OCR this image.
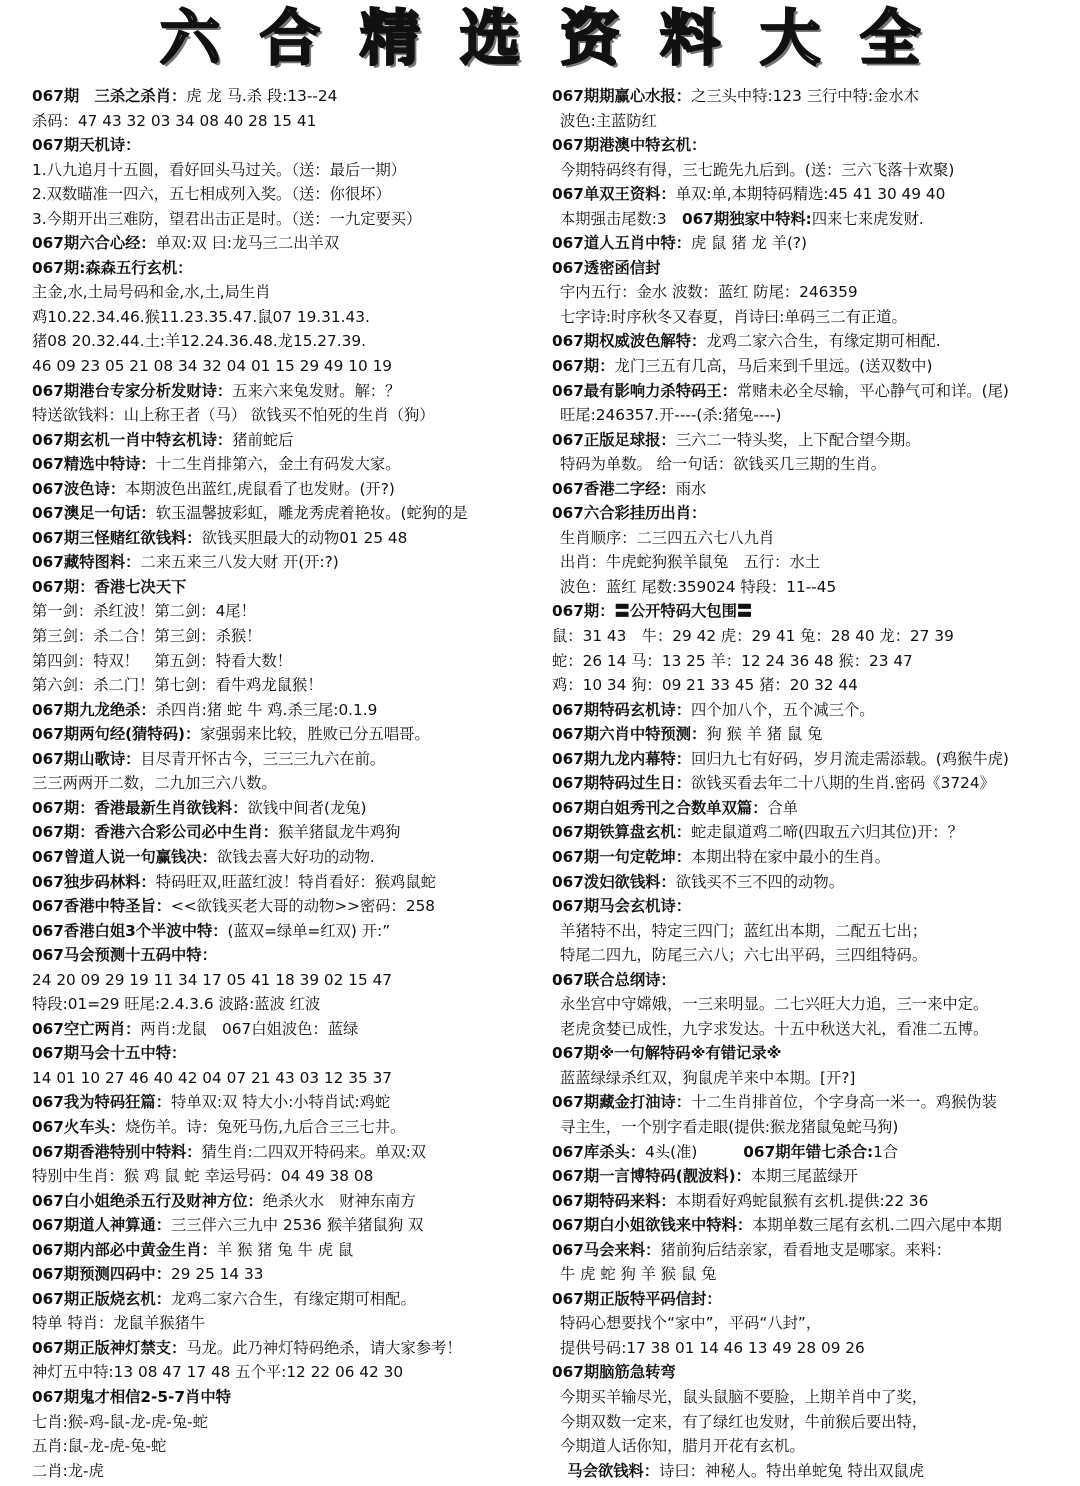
六 合 精 选 资 料 大 全
067期　三杀之杀肖：虎 龙 马.杀 段:13--24
杀码：47 43 32 03 34 08 40 28 15 41
067期天机诗：
1.八九追月十五圆，看好回头马过关。（送：最后一期）
2.双数瞄准一四六，五七相成列入奖。（送：你很坏）
3.今期开出三难防，望君出击正是时。（送：一九定要买）
067期六合心经：单双:双 曰:龙马三二出羊双
067期:森森五行玄机：
主金,水,土局号码和金,水,土,局生肖
鸡10.22.34.46.猴11.23.35.47.鼠07 19.31.43.
猪08 20.32.44.土:羊12.24.36.48.龙15.27.39.
46 09 23 05 21 08 34 32 04 01 15 29 49 10 19
067期港台专家分析发财诗：五来六来兔发财。解：？
特送欲钱料：山上称王者（马） 欲钱买不怕死的生肖（狗）
067期玄机一肖中特玄机诗：猪前蛇后
067精选中特诗：十二生肖排第六，金土有码发大家。
067波色诗：本期波色出蓝红,虎鼠看了也发财。(开?)
067澳足一句话：软玉温馨披彩虹，雕龙秀虎着艳妆。(蛇狗的是
067期三怪赌红欲钱料：欲钱买胆最大的动物01 25 48
067藏特图料：二来五来三八发大财 开(开:?)
067期：香港七决天下
第一剑：杀红波！第二剑：4尾！
第三剑：杀二合！第三剑：杀猴！
第四剑：特双！　第五剑：特看大数！
第六剑：杀二门！第七剑：看牛鸡龙鼠猴！
067期九龙绝杀：杀四肖:猪 蛇 牛 鸡.杀三尾:0.1.9
067期两句经(猜特码)：家强弱来比较，胜败已分五唱哥。
067期山歌诗：目尽青开怀古今，三三三九六在前。
三三两两开二数，二九加三六八数。
067期：香港最新生肖欲钱料：欲钱中间者(龙兔)
067期：香港六合彩公司必中生肖：猴羊猪鼠龙牛鸡狗
067曾道人说一句赢钱决：欲钱去喜大好功的动物.
067独步码林料：特码旺双,旺蓝红波！特肖看好：猴鸡鼠蛇
067香港中特圣旨：<<欲钱买老大哥的动物>>密码：258
067香港白姐3个半波中特：(蓝双=绿单=红双) 开:”
067马会预测十五码中特：
24 20 09 29 19 11 34 17 05 41 18 39 02 15 47
特段:01=29 旺尾:2.4.3.6 波路:蓝波 红波
067空亡两肖：两肖:龙鼠　067白姐波色：蓝绿
067期马会十五中特：
14 01 10 27 46 40 42 04 07 21 43 03 12 35 37
067我为特码狂篇：特单双:双 特大小:小特肖试:鸡蛇
067火车头：烧伤羊。诗：兔死马伤,九后合三三七井。
067期香港特别中特料：猜生肖:二四双开特码来。单双:双
特别中生肖：猴 鸡 鼠 蛇 幸运号码：04 49 38 08
067白小姐绝杀五行及财神方位：绝杀火水　财神东南方
067期道人神算通：三三伴六三九中 2536 猴羊猪鼠狗 双
067期内部必中黄金生肖：羊 猴 猪 兔 牛 虎 鼠
067期预测四码中：29 25 14 33
067期正版烧玄机：龙鸡二家六合生，有缘定期可相配。
特单 特肖：龙鼠羊猴猪牛
067期正版神灯禁支：马龙。此乃神灯特码绝杀，请大家参考！
神灯五中特:13 08 47 17 48 五个平:12 22 06 42 30
067期鬼才相信2-5-7肖中特
七肖:猴-鸡-鼠-龙-虎-兔-蛇
五肖:鼠-龙-虎-兔-蛇
二肖:龙-虎
067期期赢心水报：之三头中特:123 三行中特:金水木
波色:主蓝防红
067期港澳中特玄机：
今期特码终有得，三七跪先九后到。(送：三六飞落十欢聚)
067单双王资料：单双:单,本期特码精选:45 41 30 49 40
本期强击尾数:3　067期独家中特料:四来七来虎发财.
067道人五肖中特：虎 鼠 猪 龙 羊(?)
067透密函信封
宇内五行：金水 波数：蓝红 防尾：246359
七字诗:时序秋冬又春夏，肖诗曰:单码三二有正道。
067期权威波色解特：龙鸡二家六合生，有缘定期可相配.
067期：龙门三五有几高，马后来到千里远。(送双数中)
067最有影响力杀特码王：常赌未必全尽输，平心静气可和详。(尾)
旺尾:246357.开----(杀:猪兔----)
067正版足球报：三六二一特头奖，上下配合望今期。
特码为单数。 给一句话：欲钱买几三期的生肖。
067香港二字经：雨水
067六合彩挂历出肖：
生肖顺序：二三四五六七八九肖
出肖：牛虎蛇狗猴羊鼠兔　五行：水土
波色：蓝红 尾数:359024 特段：11--45
067期：〓公开特码大包围〓
鼠：31 43　牛：29 42 虎：29 41 兔：28 40 龙：27 39
蛇：26 14 马：13 25 羊：12 24 36 48 猴：23 47
鸡：10 34 狗：09 21 33 45 猪：20 32 44
067期特码玄机诗：四个加八个，五个减三个。
067期六肖中特预测：狗 猴 羊 猪 鼠 兔
067期九龙内幕特：回归九七有好码，岁月流走需添载。(鸡猴牛虎)
067期特码过生日：欲钱买看去年二十八期的生肖.密码《3724》
067期白姐秀刊之合数单双篇：合单
067期铁算盘玄机：蛇走鼠道鸡二啼(四取五六归其位)开：？
067期一句定乾坤：本期出特在家中最小的生肖。
067泼妇欲钱料：欲钱买不三不四的动物。
067期马会玄机诗：
羊猪特不出，特定三四门；蓝红出本期，二配五七出；
特尾二四九，防尾三六八；六七出平码，三四组特码。
067联合总纲诗：
永坐宫中守嫦娥，一三来明显。二七兴旺大力追，三一来中定。
老虎贪婪已成性，九字求发达。十五中秋送大礼，看准二五博。
067期※一句解特码※有错记录※
蓝蓝绿绿杀红双，狗鼠虎羊来中本期。[开?]
067期藏金打油诗：十二生肖排首位，个字身高一米一。鸡猴伪装
寻主生，一个别字看走眼(提供:猴龙猪鼠兔蛇马狗)
067库杀头：4头(准)　　　067期年错七杀合:1合
067期一言博特码(靓波料)：本期三尾蓝绿开
067期特码来料：本期看好鸡蛇鼠猴有玄机.提供:22 36
067期白小姐欲钱来中特料：本期单数三尾有玄机.二四六尾中本期
067马会来料：猪前狗后结亲家，看看地支是哪家。来料：
牛 虎 蛇 狗 羊 猴 鼠 兔
067期正版特平码信封：
特码心想要找个“家中”，平码“八封”，
提供号码:17 38 01 14 46 13 49 28 09 26
067期脑筋急转弯
今期买羊输尽光，鼠头鼠脑不要脸，上期羊肖中了奖，
今期双数一定来，有了绿红也发财，牛前猴后要出特，
今期道人话你知，腊月开花有玄机。
　马会欲钱料：诗曰：神秘人。特出单蛇兔 特出双鼠虎
